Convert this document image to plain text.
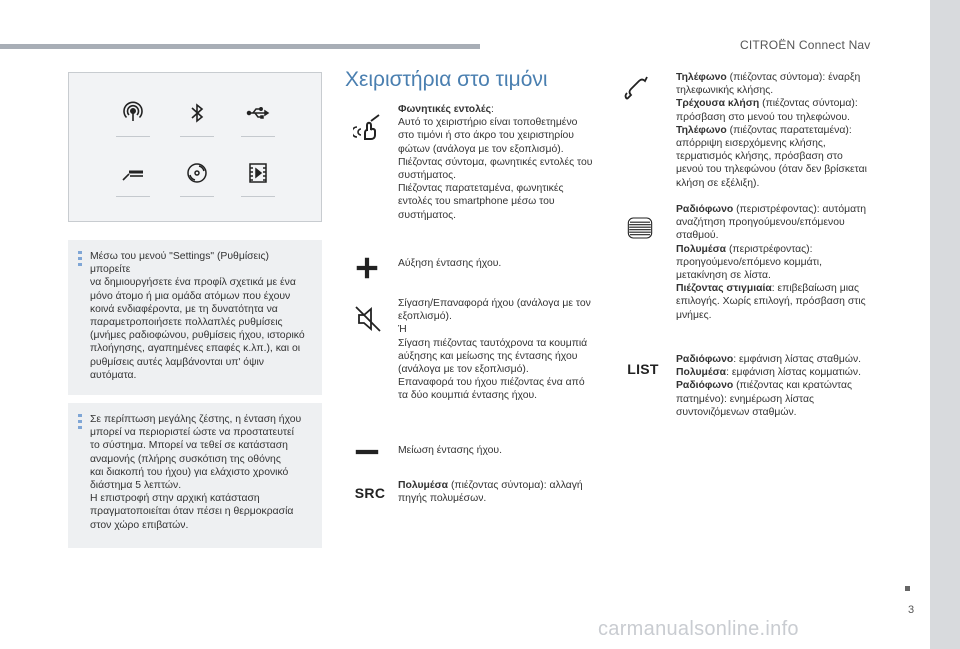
CITROËN Connect Nav
3
carmanualsonline.info

Μέσω του μενού "Settings" (Ρυθμίσεις) μπορείτε
να δημιουργήσετε ένα προφίλ σχετικά με ένα
μόνο άτομο ή μια ομάδα ατόμων που έχουν
κοινά ενδιαφέροντα, με τη δυνατότητα να
παραμετροποιήσετε πολλαπλές ρυθμίσεις
(μνήμες ραδιοφώνου, ρυθμίσεις ήχου, ιστορικό
πλοήγησης, αγαπημένες επαφές κ.λπ.), και οι
ρυθμίσεις αυτές λαμβάνονται υπ' όψιν αυτόματα.

Σε περίπτωση μεγάλης ζέστης, η ένταση ήχου
μπορεί να περιοριστεί ώστε να προστατευτεί
το σύστημα. Μπορεί να τεθεί σε κατάσταση
αναμονής (πλήρης συσκότιση της οθόνης
και διακοπή του ήχου) για ελάχιστο χρονικό
διάστημα 5 λεπτών.
Η επιστροφή στην αρχική κατάσταση
πραγματοποιείται όταν πέσει η θερμοκρασία
στον χώρο επιβατών.

Χειριστήρια στο τιμόνι
Φωνητικές εντολές:
Αυτό το χειριστήριο είναι τοποθετημένο
στο τιμόνι ή στο άκρο του χειριστηρίου
φώτων (ανάλογα με τον εξοπλισμό).
Πιέζοντας σύντομα, φωνητικές εντολές του
συστήματος.
Πιέζοντας παρατεταμένα, φωνητικές
εντολές του smartphone μέσω του
συστήματος.
Αύξηση έντασης ήχου.
Σίγαση/Επαναφορά ήχου (ανάλογα με τον
εξοπλισμό).
Ή
Σίγαση πιέζοντας ταυτόχρονα τα κουμπιά
aύξησης και μείωσης της έντασης ήχου
(ανάλογα με τον εξοπλισμό).
Επαναφορά του ήχου πιέζοντας ένα από
τα δύο κουμπιά έντασης ήχου.
Μείωση έντασης ήχου.
SRC	Πολυμέσα (πιέζοντας σύντομα): αλλαγή
πηγής πολυμέσων.
Τηλέφωνο (πιέζοντας σύντομα): έναρξη
τηλεφωνικής κλήσης.
Τρέχουσα κλήση (πιέζοντας σύντομα):
πρόσβαση στο μενού του τηλεφώνου.
Τηλέφωνο (πιέζοντας παρατεταμένα):
απόρριψη εισερχόμενης κλήσης,
τερματισμός κλήσης, πρόσβαση στο
μενού του τηλεφώνου (όταν δεν βρίσκεται
κλήση σε εξέλιξη).
Ραδιόφωνο (περιστρέφοντας): αυτόματη
αναζήτηση προηγούμενου/επόμενου
σταθμού.
Πολυμέσα (περιστρέφοντας):
προηγούμενο/επόμενο κομμάτι,
μετακίνηση σε λίστα.
Πιέζοντας στιγμιαία: επιβεβαίωση μιας
επιλογής. Χωρίς επιλογή, πρόσβαση στις
μνήμες.
LIST
Ραδιόφωνο: εμφάνιση λίστας σταθμών.
Πολυμέσα: εμφάνιση λίστας κομματιών.
Ραδιόφωνο (πιέζοντας και κρατώντας
πατημένο): ενημέρωση λίστας
συντονιζόμενων σταθμών.
